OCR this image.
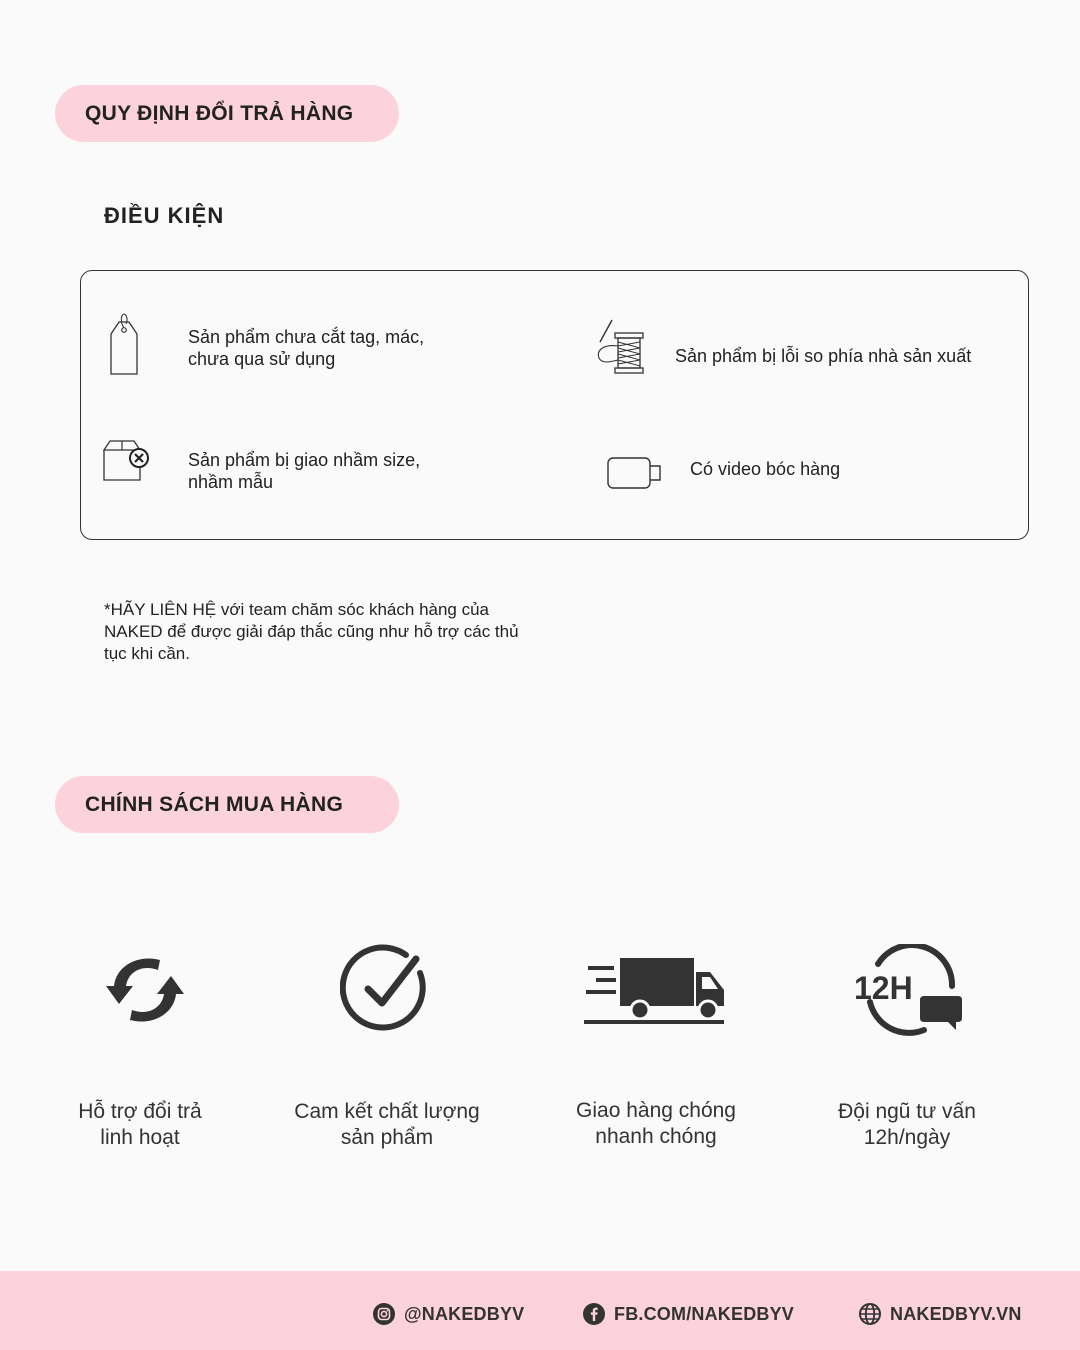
QUY ĐỊNH ĐỔI TRẢ HÀNG
ĐIỀU KIỆN
Sản phẩm chưa cắt tag, mác,
chưa qua sử dụng	Sản phẩm bị lỗi so phía nhà sản xuất
Sản phẩm bị giao nhầm size,
nhầm mẫu
Có video bóc hàng
*HÃY LIÊN HỆ với team chăm sóc khách hàng của NAKED để được giải đáp thắc cũng như hỗ trợ các thủ tục khi cần.
CHÍNH SÁCH MUA HÀNG
Hỗ trợ đổi trả
linh hoạt
Cam kết chất lượng
sản phẩm
Giao hàng chóng
nhanh chóng
12H
Đội ngũ tư vấn
12h/ngày
@NAKEDBYV	FB.COM/NAKEDBYV	NAKEDBYV.VN
